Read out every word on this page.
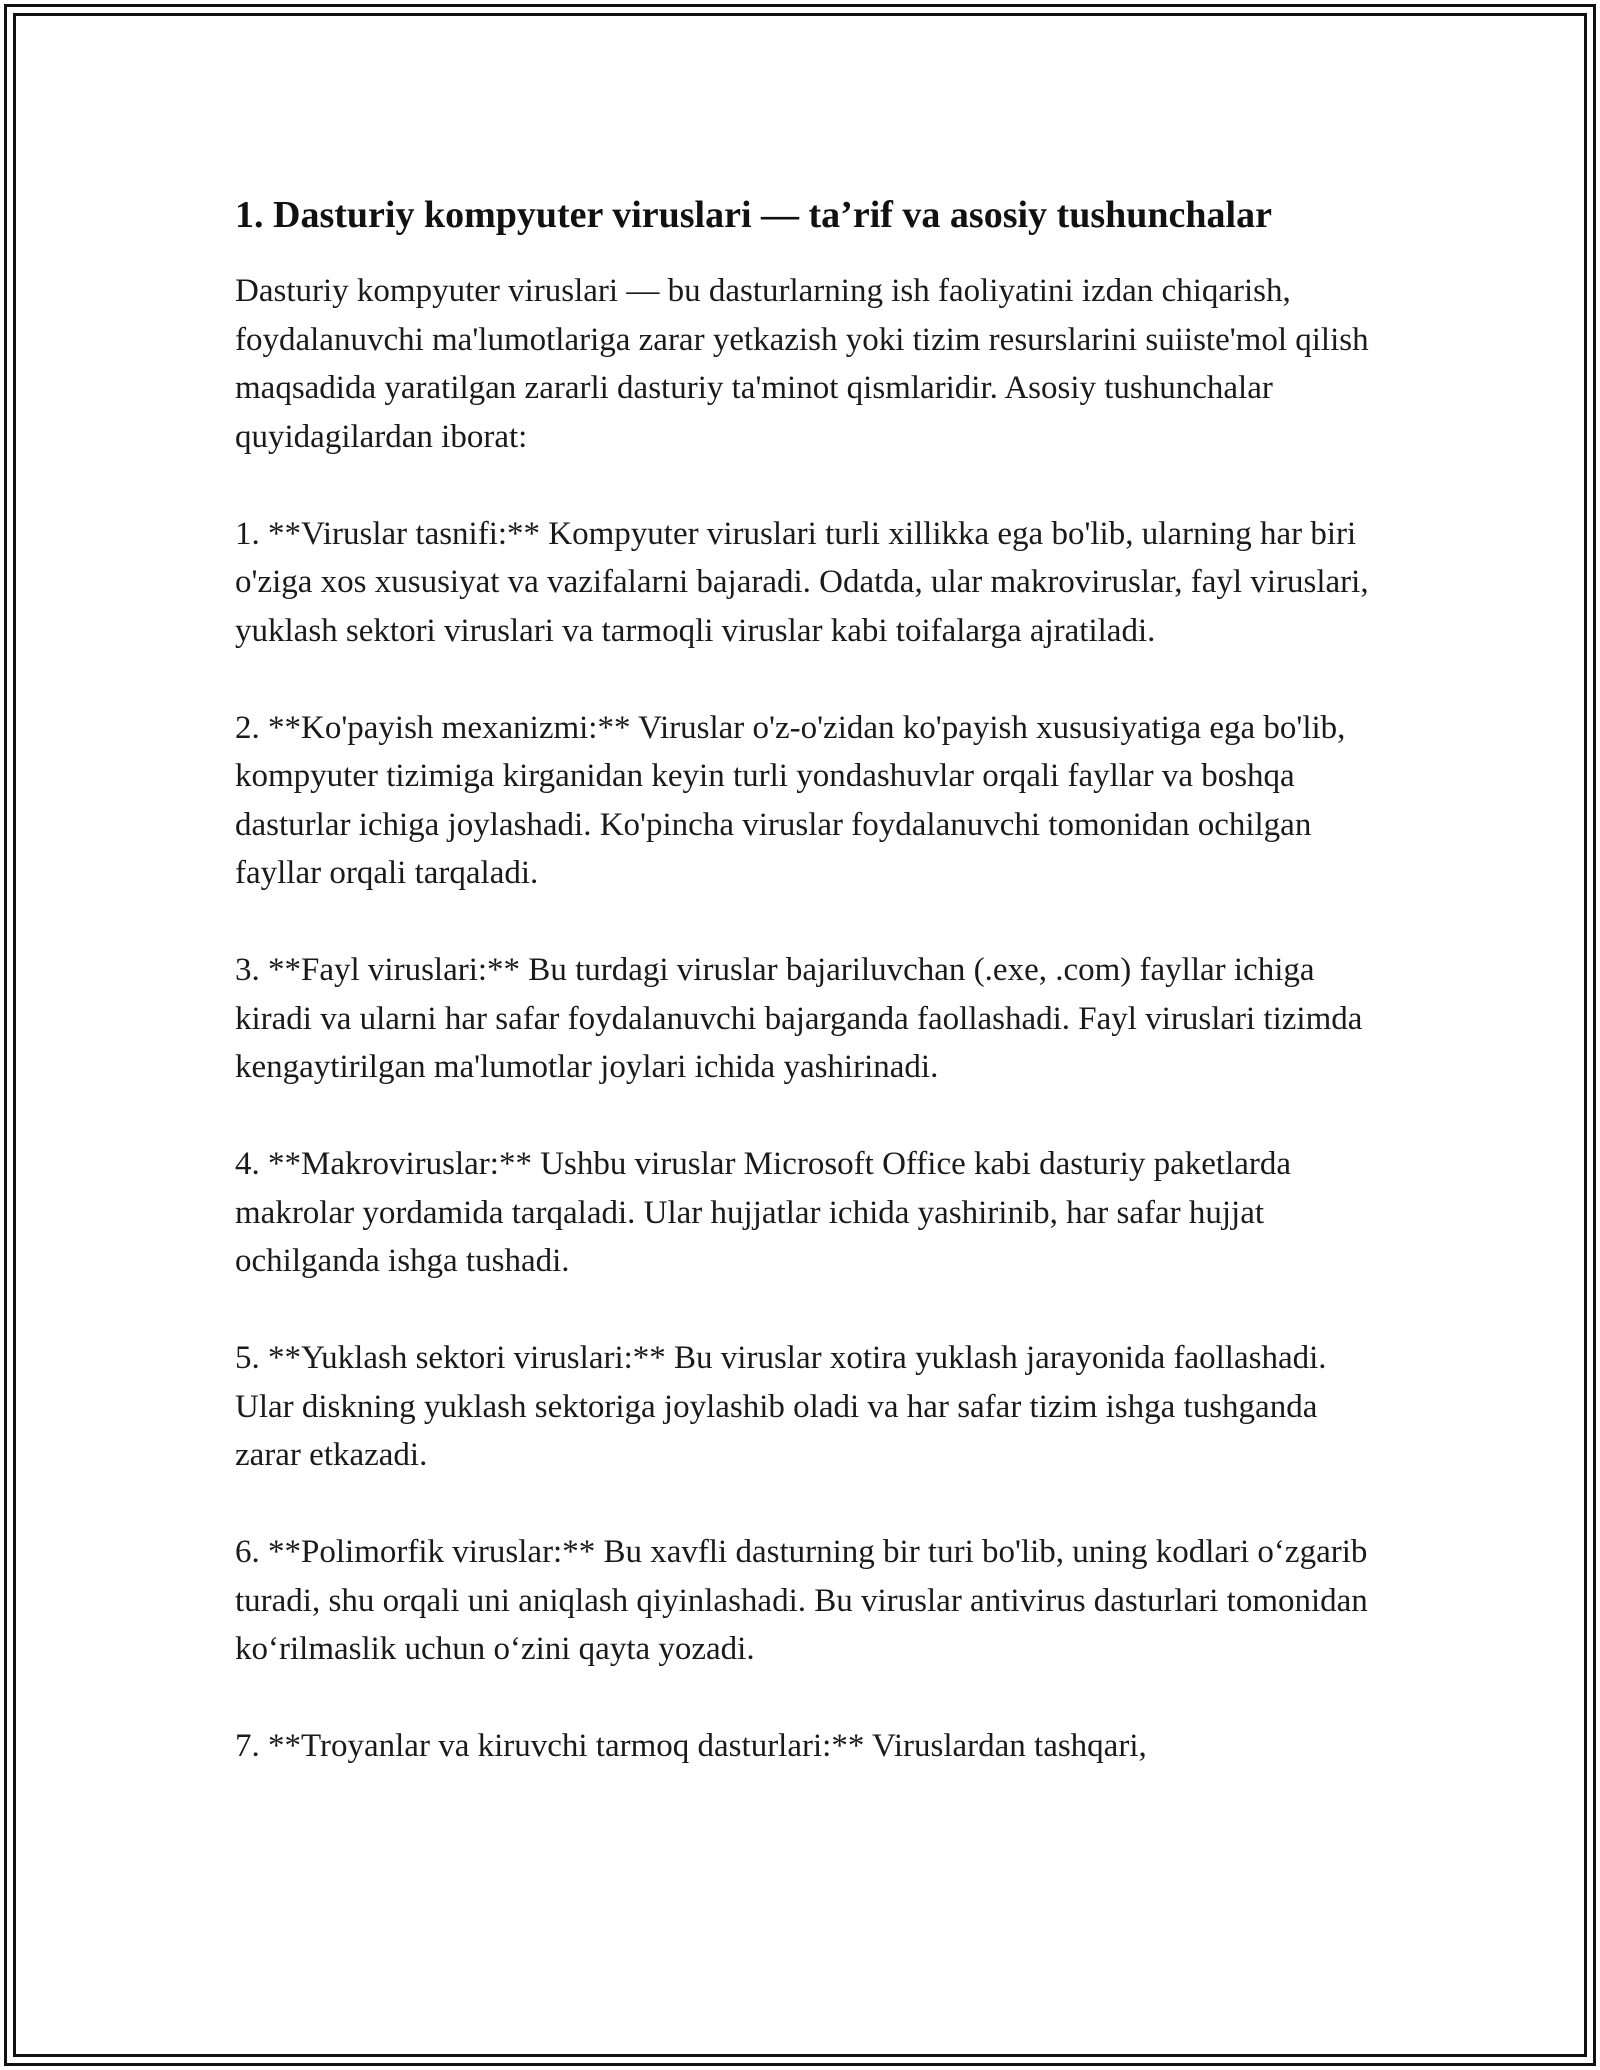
1. Dasturiy kompyuter viruslari — ta’rif va asosiy tushunchalar

Dasturiy kompyuter viruslari — bu dasturlarning ish faoliyatini izdan chiqarish, foydalanuvchi ma'lumotlariga zarar yetkazish yoki tizim resurslarini suiiste'mol qilish maqsadida yaratilgan zararli dasturiy ta'minot qismlaridir. Asosiy tushunchalar quyidagilardan iborat:

1. **Viruslar tasnifi:** Kompyuter viruslari turli xillikka ega bo'lib, ularning har biri o'ziga xos xususiyat va vazifalarni bajaradi. Odatda, ular makroviruslar, fayl viruslari, yuklash sektori viruslari va tarmoqli viruslar kabi toifalarga ajratiladi.

2. **Ko'payish mexanizmi:** Viruslar o'z-o'zidan ko'payish xususiyatiga ega bo'lib, kompyuter tizimiga kirganidan keyin turli yondashuvlar orqali fayllar va boshqa dasturlar ichiga joylashadi. Ko'pincha viruslar foydalanuvchi tomonidan ochilgan fayllar orqali tarqaladi.

3. **Fayl viruslari:** Bu turdagi viruslar bajariluvchan (.exe, .com) fayllar ichiga kiradi va ularni har safar foydalanuvchi bajarganda faollashadi. Fayl viruslari tizimda kengaytirilgan ma'lumotlar joylari ichida yashirinadi.

4. **Makroviruslar:** Ushbu viruslar Microsoft Office kabi dasturiy paketlarda makrolar yordamida tarqaladi. Ular hujjatlar ichida yashirinib, har safar hujjat ochilganda ishga tushadi.

5. **Yuklash sektori viruslari:** Bu viruslar xotira yuklash jarayonida faollashadi. Ular diskning yuklash sektoriga joylashib oladi va har safar tizim ishga tushganda zarar etkazadi.

6. **Polimorfik viruslar:** Bu xavfli dasturning bir turi bo'lib, uning kodlari o‘zgarib turadi, shu orqali uni aniqlash qiyinlashadi. Bu viruslar antivirus dasturlari tomonidan ko‘rilmaslik uchun o‘zini qayta yozadi.

7. **Troyanlar va kiruvchi tarmoq dasturlari:** Viruslardan tashqari,
